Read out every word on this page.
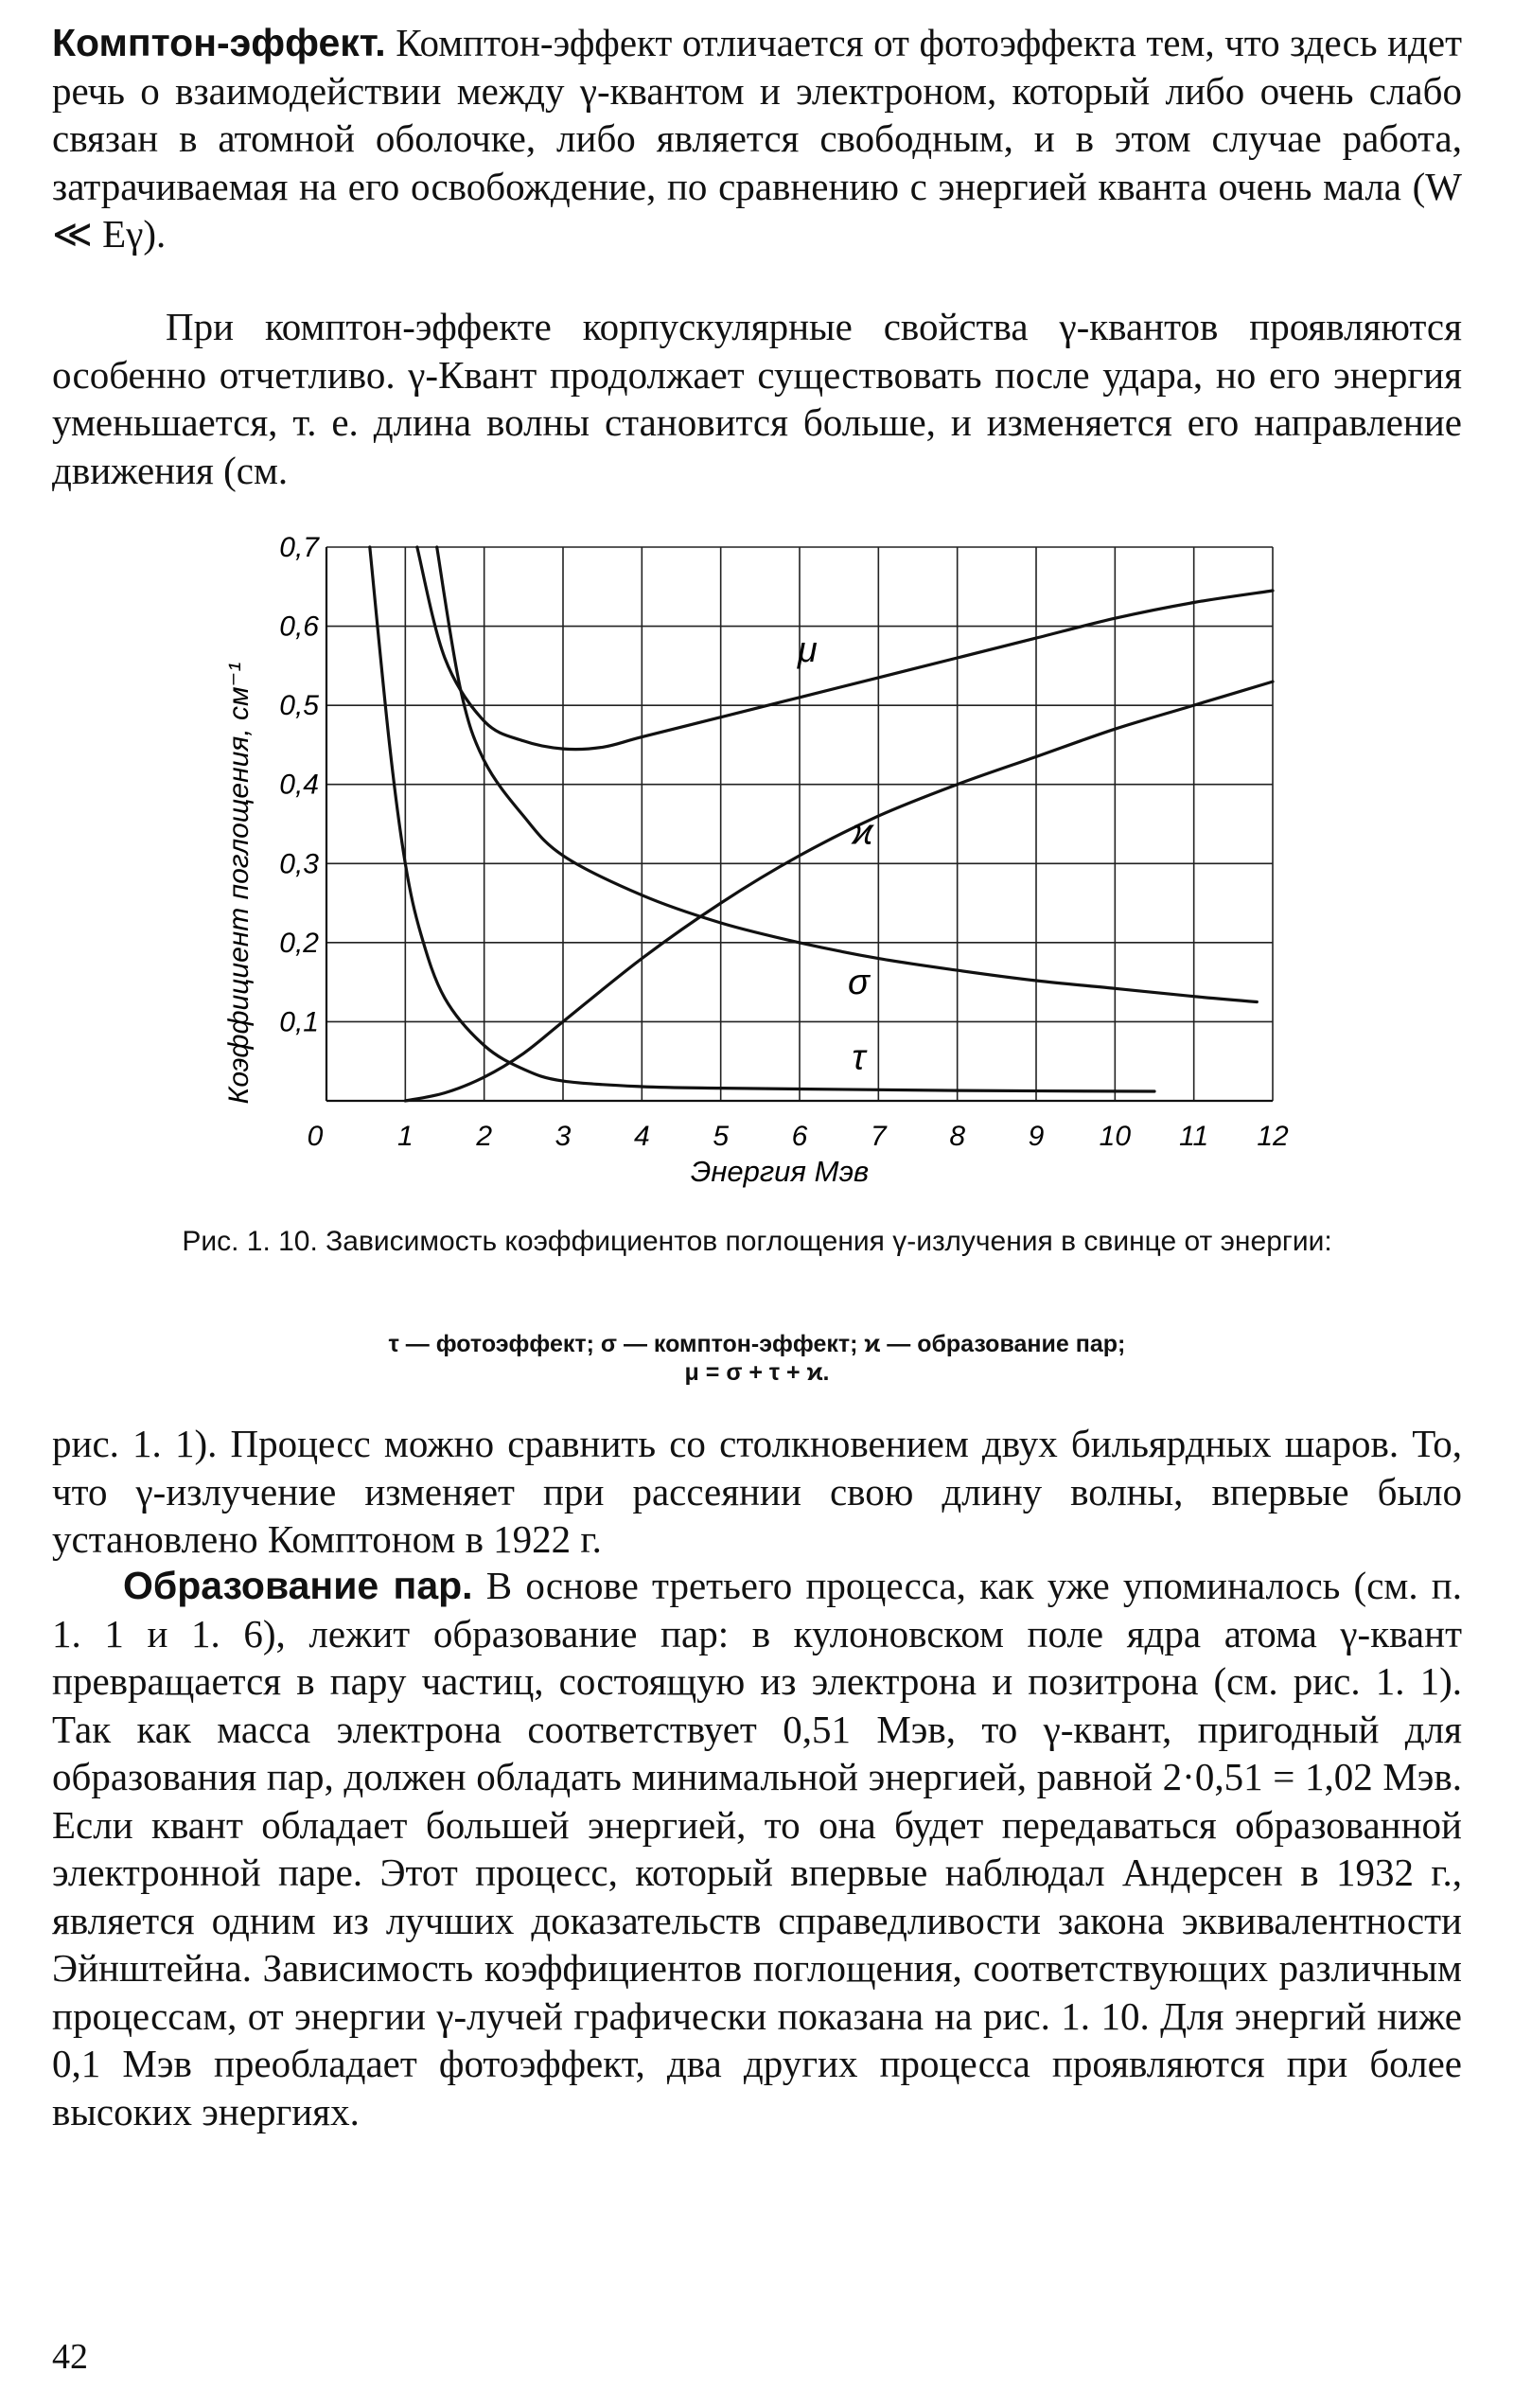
Комптон-эффект. Комптон-эффект отличается от фотоэффекта тем, что здесь идет речь о взаимодействии между γ-квантом и электроном, который либо очень слабо связан в атомной оболочке, либо является свободным, и в этом случае работа, затрачиваемая на его освобождение, по сравнению с энергией кванта очень мала (W ≪ Eγ).

При комптон-эффекте корпускулярные свойства γ-квантов проявляются особенно отчетливо. γ-Квант продолжает существовать после удара, но его энергия уменьшается, т. е. длина волны становится больше, и изменяется его направление движения (см.

0	1 2 3 4 5 6 7 8 9 10 11 12
0,1
0,2
0,3
0,4
0,5
0,6
0,7
μ
ϰ
σ
τ
Коэффициент поглощения, см⁻¹
Энергия Мэв
Рис. 1. 10. Зависимость коэффициентов поглощения γ-излучения в свинце от энергии:
τ — фотоэффект; σ — комптон-эффект; ϰ — образование пар;
μ = σ + τ + ϰ.

рис. 1. 1). Процесс можно сравнить со столкновением двух бильярдных шаров. То, что γ-излучение изменяет при рассеянии свою длину волны, впервые было установлено Комптоном в 1922 г.

Образование пар. В основе третьего процесса, как уже упоминалось (см. п. 1. 1 и 1. 6), лежит образование пар: в кулоновском поле ядра атома γ-квант превращается в пару частиц, состоящую из электрона и позитрона (см. рис. 1. 1). Так как масса электрона соответствует 0,51 Мэв, то γ-квант, пригодный для образования пар, должен обладать минимальной энергией, равной 2·0,51 = 1,02 Мэв. Если квант обладает большей энергией, то она будет передаваться образованной электронной паре. Этот процесс, который впервые наблюдал Андерсен в 1932 г., является одним из лучших доказательств справедливости закона эквивалентности Эйнштейна. Зависимость коэффициентов поглощения, соответствующих различным процессам, от энергии γ-лучей графически показана на рис. 1. 10. Для энергий ниже 0,1 Мэв преобладает фотоэффект, два других процесса проявляются при более высоких энергиях.

42
